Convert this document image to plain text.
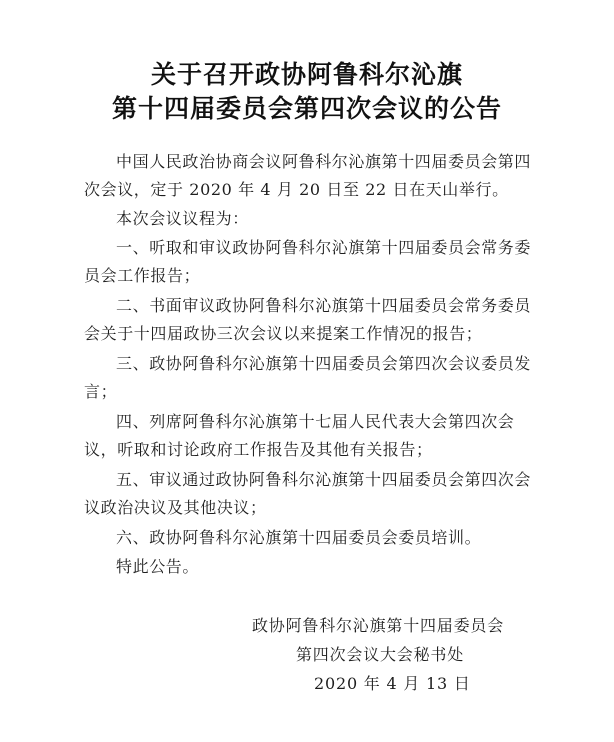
关于召开政协阿鲁科尔沁旗
第十四届委员会第四次会议的公告
中国人民政治协商会议阿鲁科尔沁旗第十四届委员会第四次会议，定于 2020 年 4 月 20 日至 22 日在天山举行。
本次会议议程为：
一、听取和审议政协阿鲁科尔沁旗第十四届委员会常务委员会工作报告；
二、书面审议政协阿鲁科尔沁旗第十四届委员会常务委员会关于十四届政协三次会议以来提案工作情况的报告；
三、政协阿鲁科尔沁旗第十四届委员会第四次会议委员发言；
四、列席阿鲁科尔沁旗第十七届人民代表大会第四次会议，听取和讨论政府工作报告及其他有关报告；
五、审议通过政协阿鲁科尔沁旗第十四届委员会第四次会议政治决议及其他决议；
六、政协阿鲁科尔沁旗第十四届委员会委员培训。
特此公告。
政协阿鲁科尔沁旗第十四届委员会
第四次会议大会秘书处
2020 年 4 月 13 日
